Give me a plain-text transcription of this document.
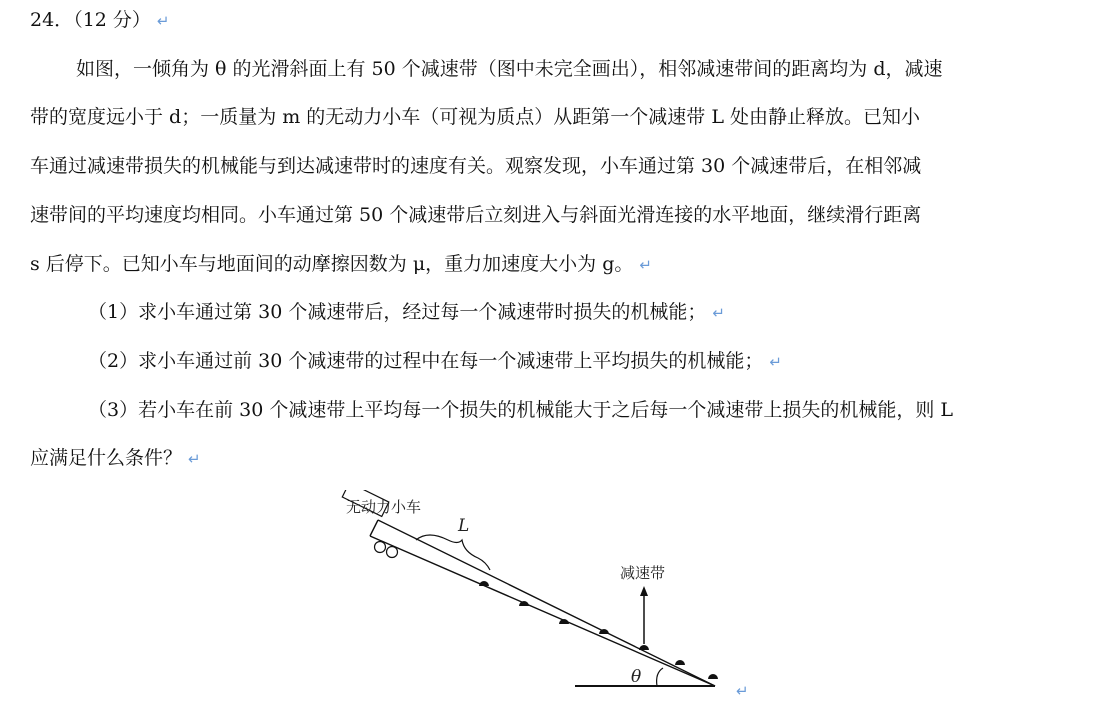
24．（12 分） ↵
如图，一倾角为 θ 的光滑斜面上有 50 个减速带（图中未完全画出），相邻减速带间的距离均为 d，减速
带的宽度远小于 d；一质量为 m 的无动力小车（可视为质点）从距第一个减速带 L 处由静止释放。已知小
车通过减速带损失的机械能与到达减速带时的速度有关。观察发现，小车通过第 30 个减速带后，在相邻减
速带间的平均速度均相同。小车通过第 50 个减速带后立刻进入与斜面光滑连接的水平地面，继续滑行距离
s 后停下。已知小车与地面间的动摩擦因数为 μ，重力加速度大小为 g。 ↵
（1）求小车通过第 30 个减速带后，经过每一个减速带时损失的机械能； ↵
（2）求小车通过前 30 个减速带的过程中在每一个减速带上平均损失的机械能； ↵
（3）若小车在前 30 个减速带上平均每一个损失的机械能大于之后每一个减速带上损失的机械能，则 L
应满足什么条件？ ↵
无动力小车
L
减速带
θ
↵
